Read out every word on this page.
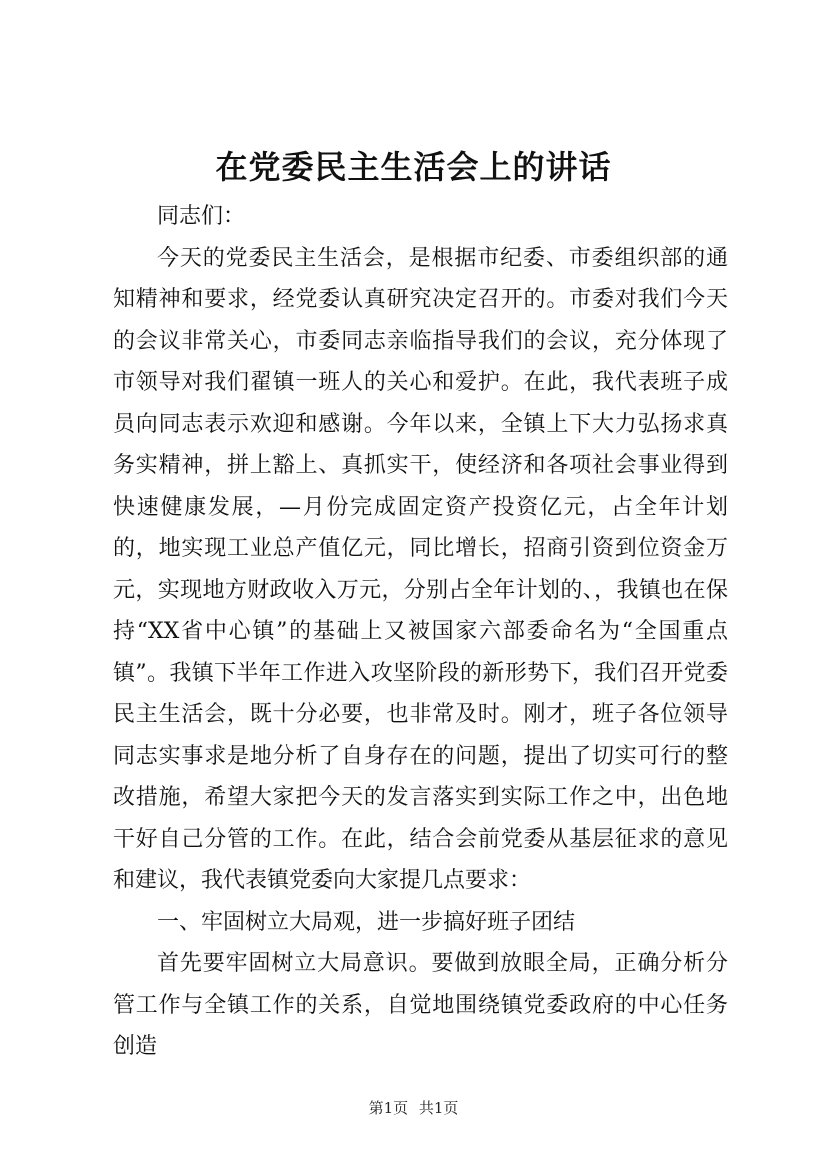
在党委民主生活会上的讲话

同志们：

今天的党委民主生活会，是根据市纪委、市委组织部的通知精神和要求，经党委认真研究决定召开的。市委对我们今天的会议非常关心，市委同志亲临指导我们的会议，充分体现了市领导对我们翟镇一班人的关心和爱护。在此，我代表班子成员向同志表示欢迎和感谢。今年以来，全镇上下大力弘扬求真务实精神，拼上豁上、真抓实干，使经济和各项社会事业得到快速健康发展，—月份完成固定资产投资亿元，占全年计划的，地实现工业总产值亿元，同比增长，招商引资到位资金万元，实现地方财政收入万元，分别占全年计划的、，我镇也在保持“XX省中心镇”的基础上又被国家六部委命名为“全国重点镇”。我镇下半年工作进入攻坚阶段的新形势下，我们召开党委民主生活会，既十分必要，也非常及时。刚才，班子各位领导同志实事求是地分析了自身存在的问题，提出了切实可行的整改措施，希望大家把今天的发言落实到实际工作之中，出色地干好自己分管的工作。在此，结合会前党委从基层征求的意见和建议，我代表镇党委向大家提几点要求：

一、牢固树立大局观，进一步搞好班子团结

首先要牢固树立大局意识。要做到放眼全局，正确分析分管工作与全镇工作的关系，自觉地围绕镇党委政府的中心任务创造

第1页 共1页
